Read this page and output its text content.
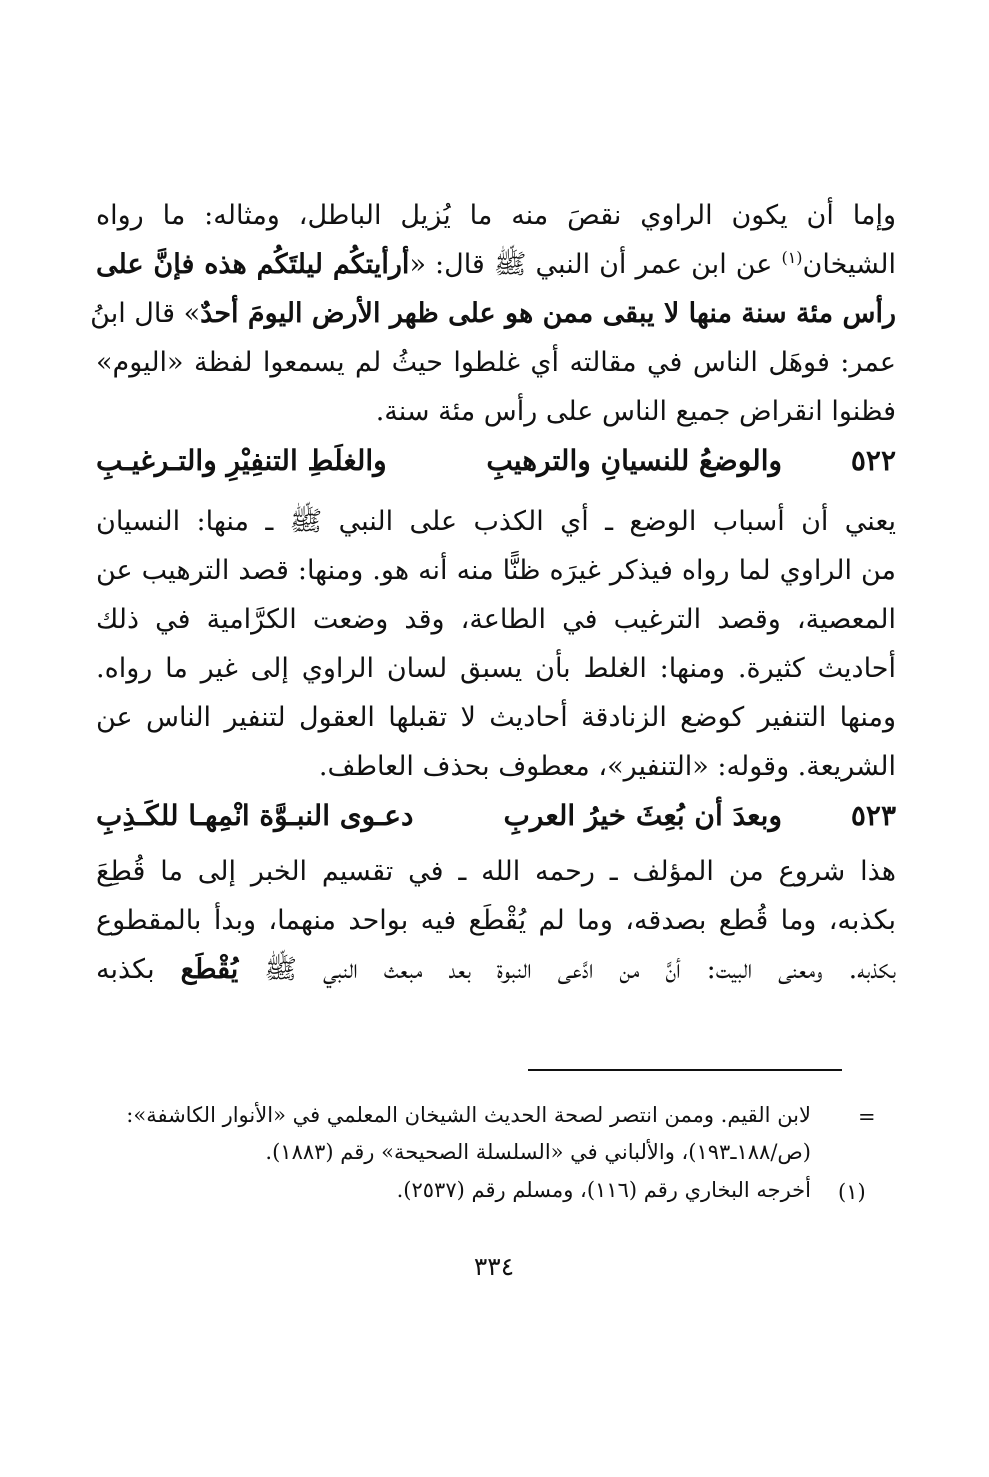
وإما أن يكون الراوي نقصَ منه ما يُزيل الباطل، ومثاله: ما رواه
الشيخان$^{(١)}$ عن ابن عمر أن النبي ﷺ قال: «أرأيتكُم ليلتَكُم هذه فإنَّ على
رأس مئة سنة منها لا يبقى ممن هو على ظهر الأرض اليومَ أحدٌ» قال ابنُ
عمر: فوهَل الناس في مقالته أي غلطوا حيثُ لم يسمعوا لفظة «اليوم»
فظنوا انقراض جميع الناس على رأس مئة سنة.
٥٢٢
والوضعُ للنسيانِ والترهيبِ
والغلَطِ التنفِيْرِ والتـرغيـبِ
يعني أن أسباب الوضع ـ أي الكذب على النبي ﷺ ـ منها: النسيان
من الراوي لما رواه فيذكر غيرَه ظنًّا منه أنه هو. ومنها: قصد الترهيب عن
المعصية، وقصد الترغيب في الطاعة، وقد وضعت الكرَّامية في ذلك
أحاديث كثيرة. ومنها: الغلط بأن يسبق لسان الراوي إلى غير ما رواه.
ومنها التنفير كوضع الزنادقة أحاديث لا تقبلها العقول لتنفير الناس عن
الشريعة. وقوله: «التنفير»، معطوف بحذف العاطف.
٥٢٣
وبعدَ أن بُعِثَ خيرُ العربِ
دعـوى النبـوَّة انْمِهـا للكَـذِبِ
هذا شروع من المؤلف ـ رحمه الله ـ في تقسيم الخبر إلى ما قُطِعَ
بكذبه، وما قُطع بصدقه، وما لم يُقْطَع فيه بواحد منهما، وبدأ بالمقطوع
بكذبه. ومعنى البيت: أنَّ من ادَّعى النبوة بعد مبعث النبي ﷺ يُقْطَع بكذبه
=
لابن القيم. وممن انتصر لصحة الحديث الشيخان المعلمي في «الأنوار الكاشفة»:
(ص/١٨٨ـ١٩٣)، والألباني في «السلسلة الصحيحة» رقم (١٨٨٣).
(١)
أخرجه البخاري رقم (١١٦)، ومسلم رقم (٢٥٣٧).
٣٣٤
